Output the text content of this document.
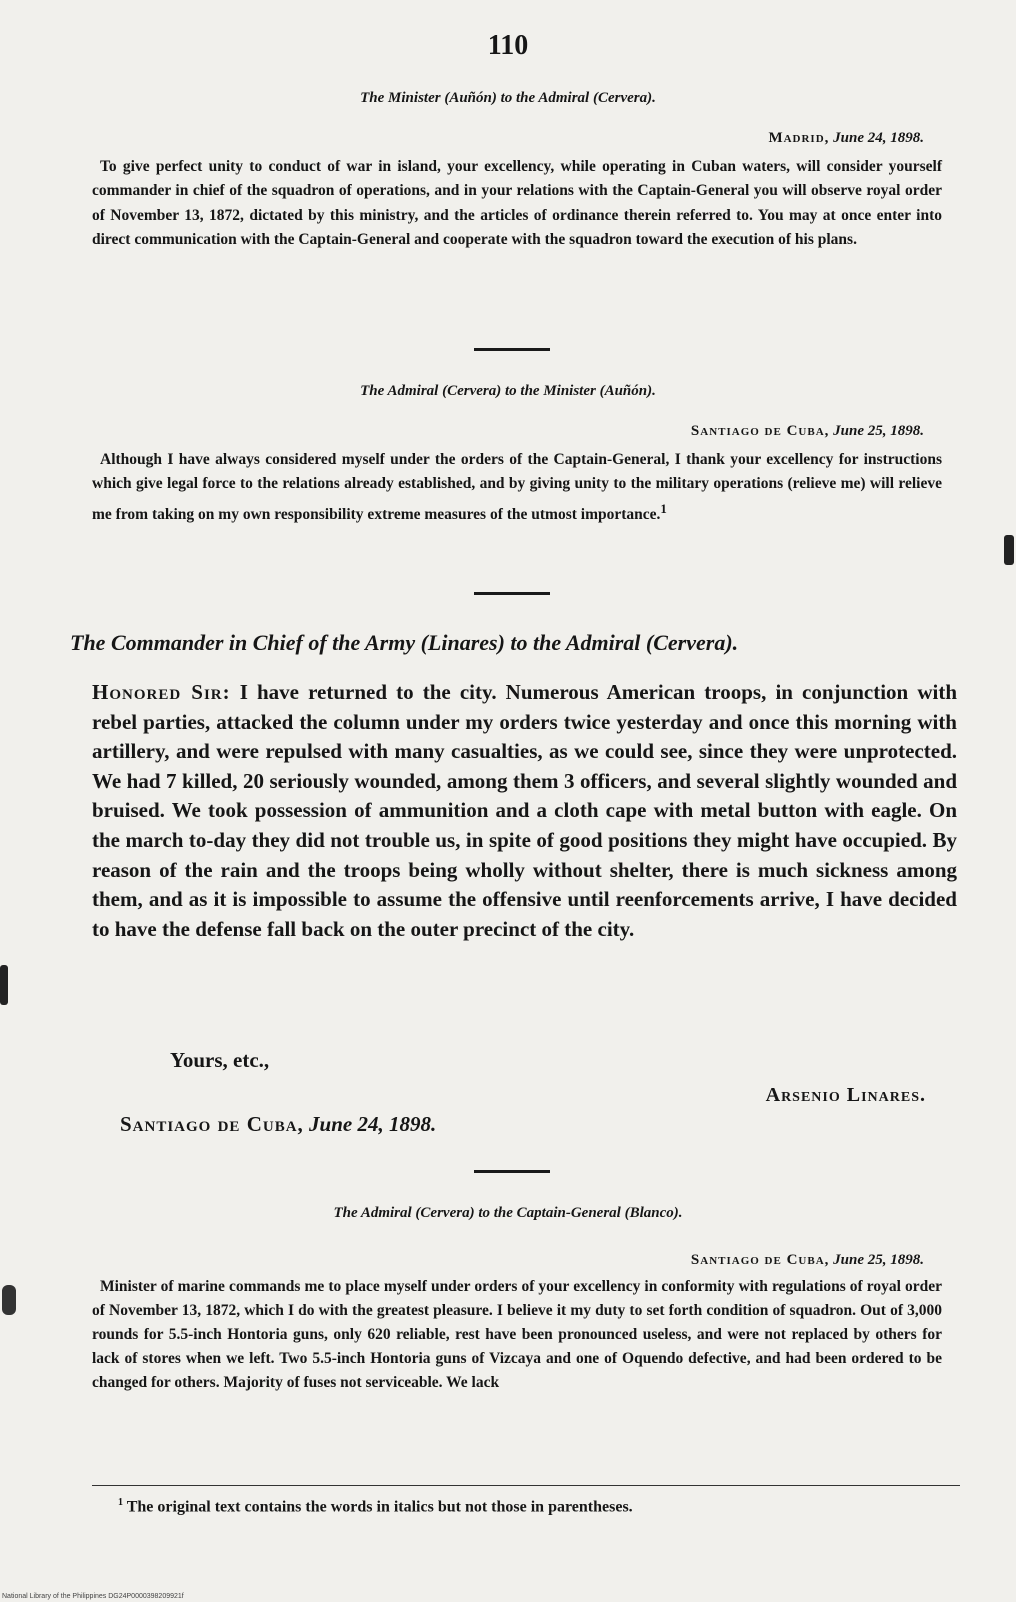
110
The Minister (Auñón) to the Admiral (Cervera).
Madrid, June 24, 1898.
To give perfect unity to conduct of war in island, your excellency, while operating in Cuban waters, will consider yourself commander in chief of the squadron of operations, and in your relations with the Captain-General you will observe royal order of November 13, 1872, dictated by this ministry, and the articles of ordinance therein referred to. You may at once enter into direct communication with the Captain-General and cooperate with the squadron toward the execution of his plans.
The Admiral (Cervera) to the Minister (Auñón).
Santiago de Cuba, June 25, 1898.
Although I have always considered myself under the orders of the Captain-General, I thank your excellency for instructions which give legal force to the relations already established, and by giving unity to the military operations (relieve me) will relieve me from taking on my own responsibility extreme measures of the utmost importance.$^1$
The Commander in Chief of the Army (Linares) to the Admiral (Cervera).
Honored Sir: I have returned to the city. Numerous American troops, in conjunction with rebel parties, attacked the column under my orders twice yesterday and once this morning with artillery, and were repulsed with many casualties, as we could see, since they were unprotected. We had 7 killed, 20 seriously wounded, among them 3 officers, and several slightly wounded and bruised. We took possession of ammunition and a cloth cape with metal button with eagle. On the march to-day they did not trouble us, in spite of good positions they might have occupied. By reason of the rain and the troops being wholly without shelter, there is much sickness among them, and as it is impossible to assume the offensive until reenforcements arrive, I have decided to have the defense fall back on the outer precinct of the city.
Yours, etc.,
Arsenio Linares.
Santiago de Cuba, June 24, 1898.
The Admiral (Cervera) to the Captain-General (Blanco).
Santiago de Cuba, June 25, 1898.
Minister of marine commands me to place myself under orders of your excellency in conformity with regulations of royal order of November 13, 1872, which I do with the greatest pleasure. I believe it my duty to set forth condition of squadron. Out of 3,000 rounds for 5.5-inch Hontoria guns, only 620 reliable, rest have been pronounced useless, and were not replaced by others for lack of stores when we left. Two 5.5-inch Hontoria guns of Vizcaya and one of Oquendo defective, and had been ordered to be changed for others. Majority of fuses not serviceable. We lack
$^1$ The original text contains the words in italics but not those in parentheses.
National Library of the Philippines DG24P0000398209921f
